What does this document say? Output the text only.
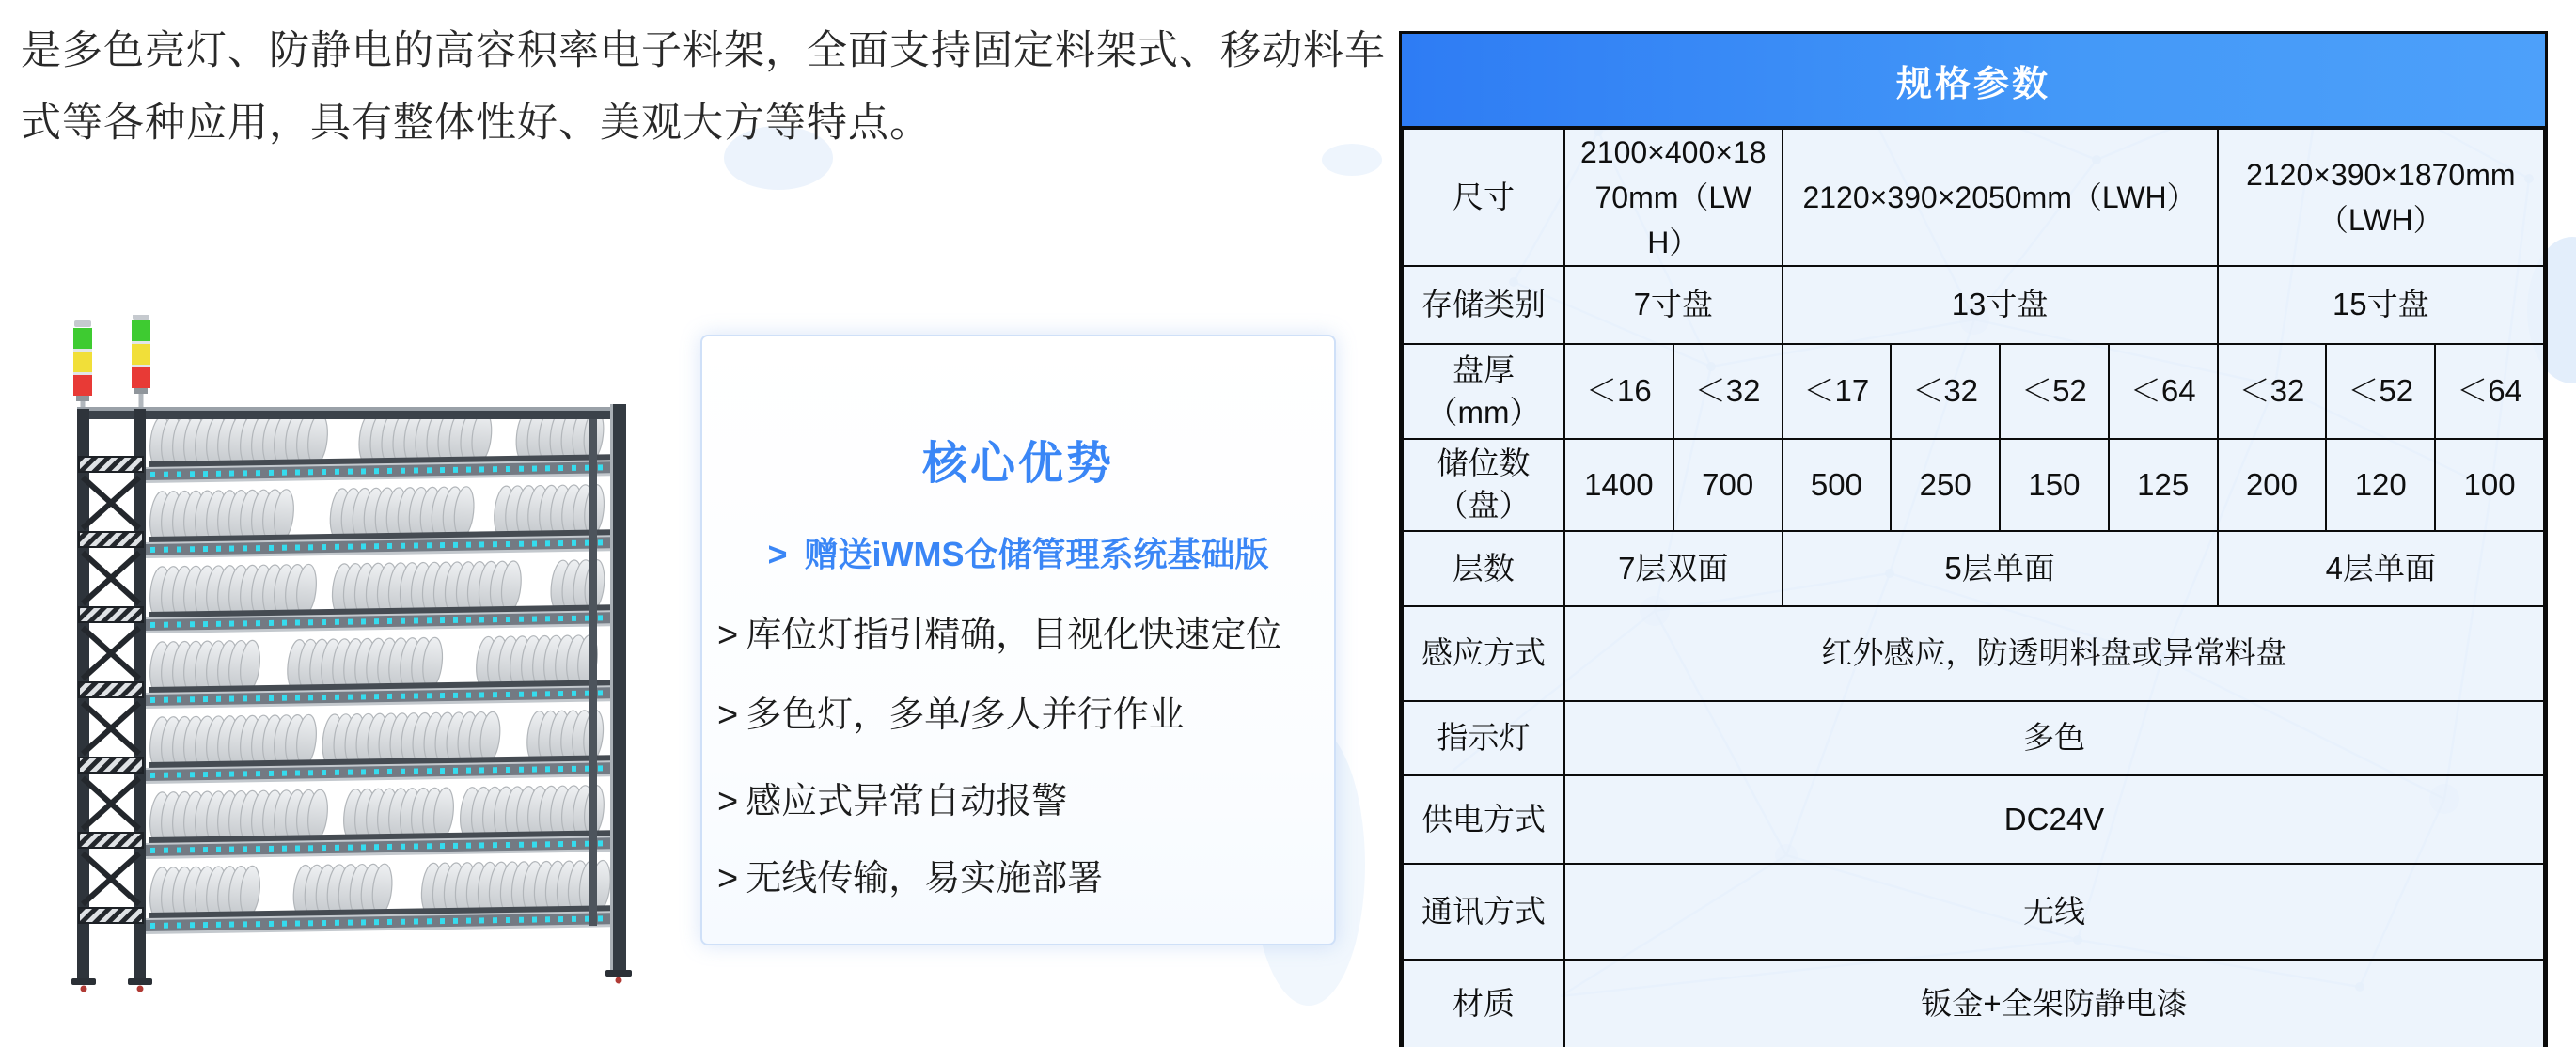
是多色亮灯、防静电的高容积率电子料架，全面支持固定料架式、移动料车式等各种应用，具有整体性好、美观大方等特点。

核心优势
> 赠送iWMS仓储管理系统基础版
> 库位灯指引精确，目视化快速定位
> 多色灯，多单/多人并行作业
> 感应式异常自动报警
> 无线传输，易实施部署
规格参数
尺寸	2100×400×1870mm（LWH）		2120×390×2050mm（LWH）				2120×390×1870mm（LWH）		
存储类别	7寸盘		13寸盘				15寸盘		
盘厚
（mm）	＜16	＜32	＜17	＜32	＜52	＜64	＜32	＜52	＜64
储位数
（盘）	1400	700	500	250	150	125	200	120	100
层数	7层双面		5层单面				4层单面		
感应方式	红外感应，防透明料盘或异常料盘								
指示灯	多色								
供电方式	DC24V								
通讯方式	无线								
材质	钣金+全架防静电漆								
